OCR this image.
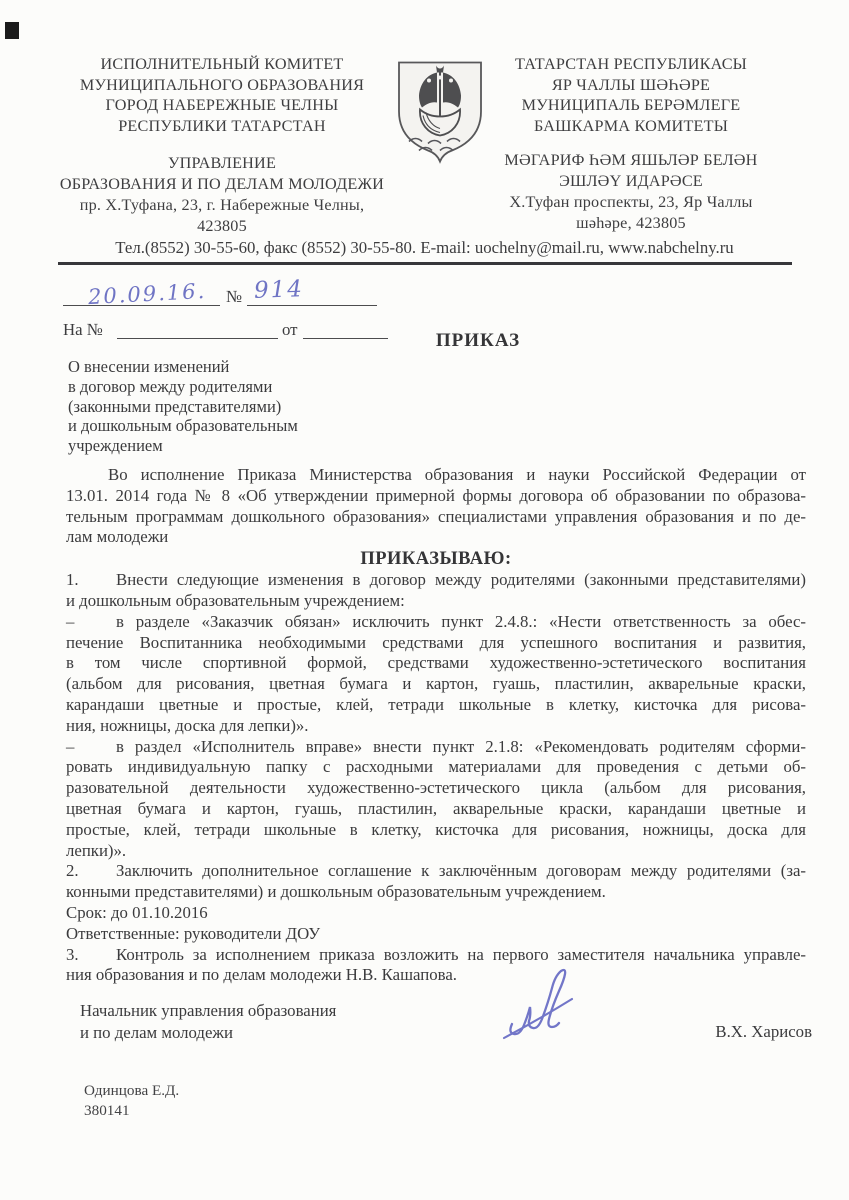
ИСПОЛНИТЕЛЬНЫЙ КОМИТЕТ
МУНИЦИПАЛЬНОГО ОБРАЗОВАНИЯ
ГОРОД НАБЕРЕЖНЫЕ ЧЕЛНЫ
РЕСПУБЛИКИ ТАТАРСТАН
ТАТАРСТАН РЕСПУБЛИКАСЫ
ЯР ЧАЛЛЫ ШӘҺӘРЕ
МУНИЦИПАЛЬ БЕРӘМЛЕГЕ
БАШКАРМА КОМИТЕТЫ
УПРАВЛЕНИЕ
ОБРАЗОВАНИЯ И ПО ДЕЛАМ МОЛОДЕЖИ
пр. Х.Туфана, 23, г. Набережные Челны,
423805
МӘГАРИФ ҺӘМ ЯШЬЛӘР БЕЛӘН
ЭШЛӘҮ ИДАРӘСЕ
Х.Туфан проспекты, 23, Яр Чаллы
шәһәре, 423805
Тел.(8552) 30-55-60, факс (8552) 30-55-80. E-mail: uochelny@mail.ru, www.nabchelny.ru
№
20.09.16. 914
На №	от
ПРИКАЗ
О внесении изменений
в договор между родителями
(законными представителями)
и дошкольным образовательным
учреждением
Во исполнение Приказа Министерства образования и науки Российской Федерации от
13.01. 2014 года № 8 «Об утверждении примерной формы договора об образовании по образова-
тельным программам дошкольного образования» специалистами управления образования и по де-
лам молодежи
ПРИКАЗЫВАЮ:
1. Внести следующие изменения в договор между родителями (законными представителями)
и дошкольным образовательным учреждением:
– в разделе «Заказчик обязан» исключить пункт 2.4.8.: «Нести ответственность за обес-
печение Воспитанника необходимыми средствами для успешного воспитания и развития,
в том числе спортивной формой, средствами художественно-эстетического воспитания
(альбом для рисования, цветная бумага и картон, гуашь, пластилин, акварельные краски,
карандаши цветные и простые, клей, тетради школьные в клетку, кисточка для рисова-
ния, ножницы, доска для лепки)».
– в раздел «Исполнитель вправе» внести пункт 2.1.8: «Рекомендовать родителям сформи-
ровать индивидуальную папку с расходными материалами для проведения с детьми об-
разовательной деятельности художественно-эстетического цикла (альбом для рисования,
цветная бумага и картон, гуашь, пластилин, акварельные краски, карандаши цветные и
простые, клей, тетради школьные в клетку, кисточка для рисования, ножницы, доска для
лепки)».
2. Заключить дополнительное соглашение к заключённым договорам между родителями (за-
конными представителями) и дошкольным образовательным учреждением.
Срок: до 01.10.2016
Ответственные: руководители ДОУ
3. Контроль за исполнением приказа возложить на первого заместителя начальника управле-
ния образования и по делам молодежи Н.В. Кашапова.
Начальник управления образования
и по делам молодежи	В.Х. Харисов
Одинцова Е.Д.
380141
